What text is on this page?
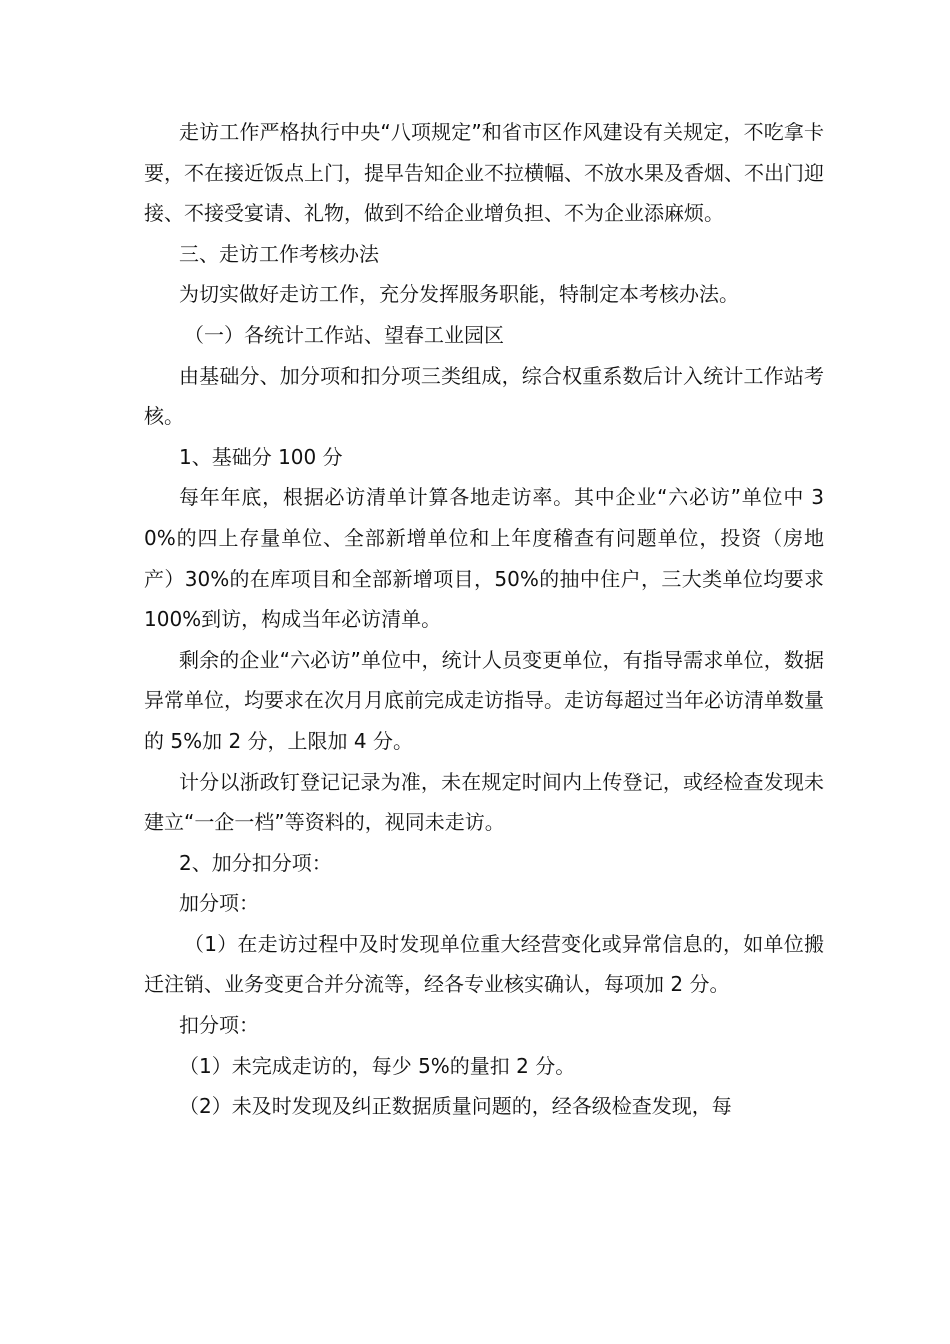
走访工作严格执行中央“八项规定”和省市区作风建设有关规定，不吃拿卡要，不在接近饭点上门，提早告知企业不拉横幅、不放水果及香烟、不出门迎接、不接受宴请、礼物，做到不给企业增负担、不为企业添麻烦。

三、走访工作考核办法

为切实做好走访工作，充分发挥服务职能，特制定本考核办法。

（一）各统计工作站、望春工业园区

由基础分、加分项和扣分项三类组成，综合权重系数后计入统计工作站考核。

1、基础分 100 分

每年年底，根据必访清单计算各地走访率。其中企业“六必访”单位中 30%的四上存量单位、全部新增单位和上年度稽查有问题单位，投资（房地产）30%的在库项目和全部新增项目，50%的抽中住户，三大类单位均要求 100%到访，构成当年必访清单。

剩余的企业“六必访”单位中，统计人员变更单位，有指导需求单位，数据异常单位，均要求在次月月底前完成走访指导。走访每超过当年必访清单数量的 5%加 2 分，上限加 4 分。

计分以浙政钉登记记录为准，未在规定时间内上传登记，或经检查发现未建立“一企一档”等资料的，视同未走访。

2、加分扣分项：

加分项：

（1）在走访过程中及时发现单位重大经营变化或异常信息的，如单位搬迁注销、业务变更合并分流等，经各专业核实确认，每项加 2 分。

扣分项：

（1）未完成走访的，每少 5%的量扣 2 分。

（2）未及时发现及纠正数据质量问题的，经各级检查发现，每
